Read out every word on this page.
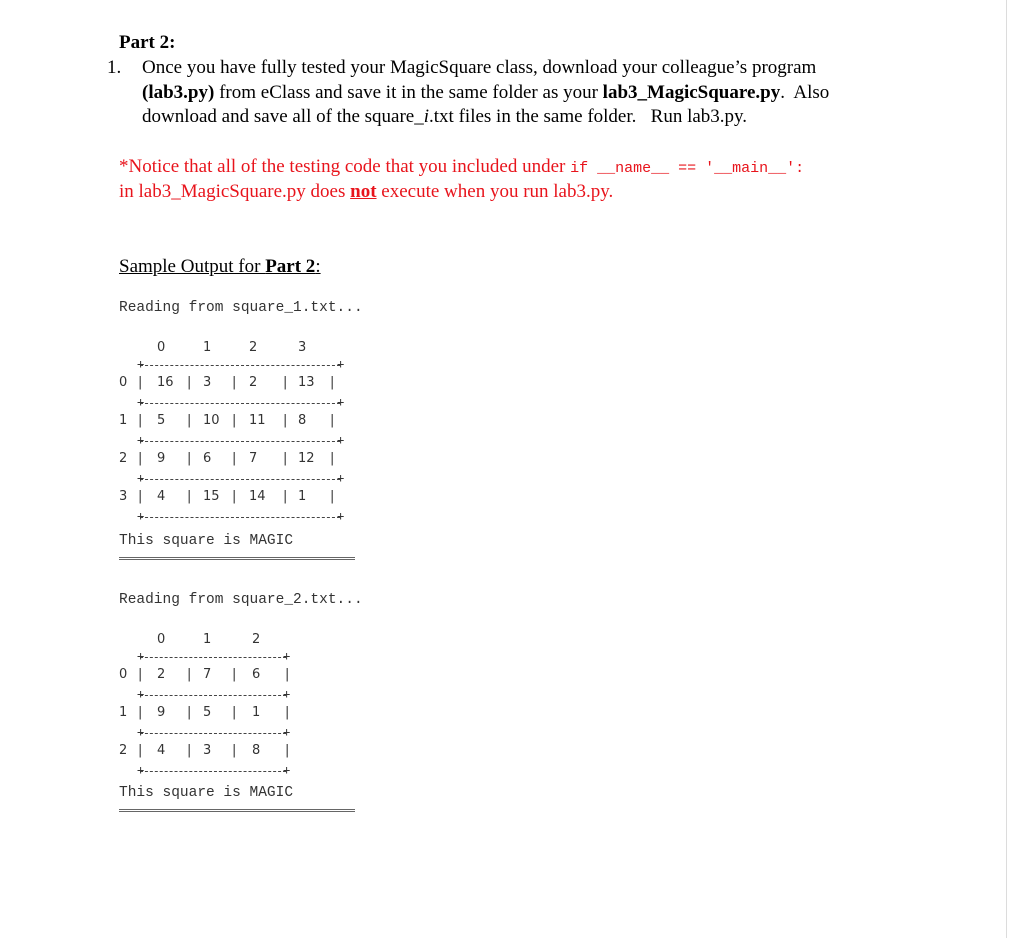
Part 2:
1. Once you have fully tested your MagicSquare class, download your colleague’s program
(lab3.py) from eClass and save it in the same folder as your lab3_MagicSquare.py.  Also
download and save all of the square_i.txt files in the same folder.   Run lab3.py.
*Notice that all of the testing code that you included under if __name__ == '__main__':
in lab3_MagicSquare.py does not execute when you run lab3.py.
Sample Output for Part 2:
Reading from square_1.txt...
This square is MAGIC
Reading from square_2.txt...
This square is MAGIC
0	1	2	3
+	+
+	+
+	+
+	+
+	+
0 | 16 | 3 | 2 | 13 |
1 | 5 | 10 | 11 | 8 |
2 | 9 | 6 | 7 | 12 |
3 | 4 | 15 | 14 | 1 |
0	1	2
+	+
+	+
+	+
+	+
0 | 2 | 7 | 6 |
1 | 9 | 5 | 1 |
2 | 4 | 3 | 8 |
